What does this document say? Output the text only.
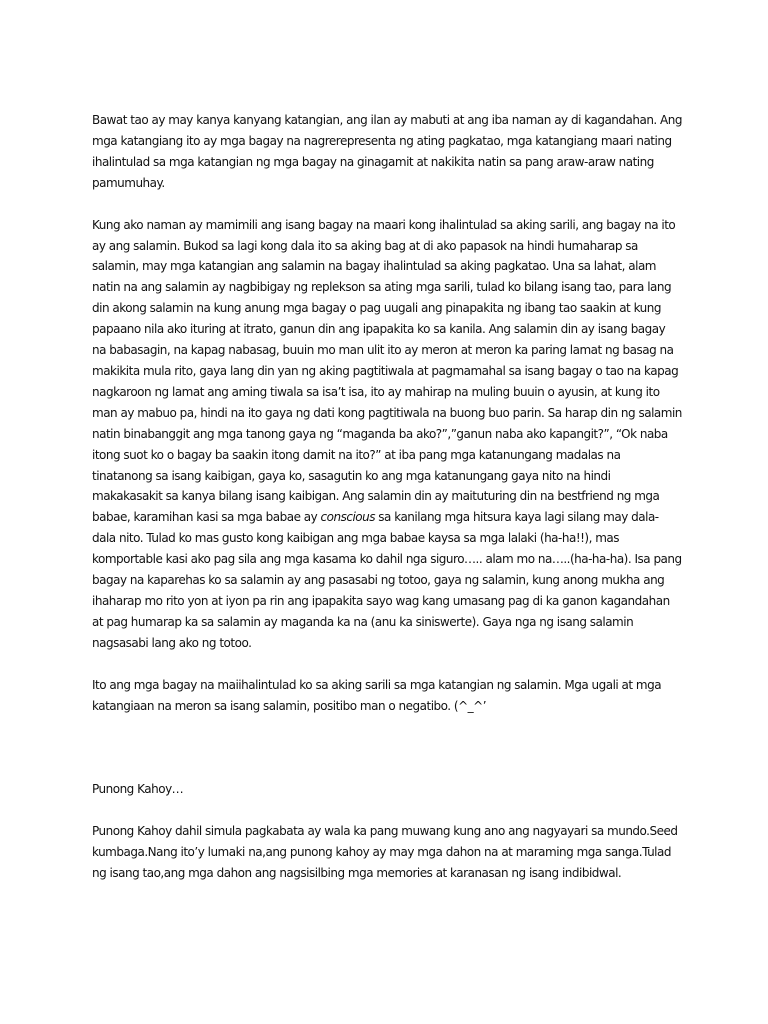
Bawat tao ay may kanya kanyang katangian, ang ilan ay mabuti at ang iba naman ay di kagandahan. Ang mga katangiang ito ay mga bagay na nagrerepresenta ng ating pagkatao, mga katangiang maari nating ihalintulad sa mga katangian ng mga bagay na ginagamit at nakikita natin sa pang araw-araw nating pamumuhay.

Kung ako naman ay mamimili ang isang bagay na maari kong ihalintulad sa aking sarili, ang bagay na ito ay ang salamin. Bukod sa lagi kong dala ito sa aking bag at di ako papasok na hindi humaharap sa salamin, may mga katangian ang salamin na bagay ihalintulad sa aking pagkatao. Una sa lahat, alam natin na ang salamin ay nagbibigay ng replekson sa ating mga sarili, tulad ko bilang isang tao, para lang din akong salamin na kung anung mga bagay o pag uugali ang pinapakita ng ibang tao saakin at kung papaano nila ako ituring at itrato, ganun din ang ipapakita ko sa kanila. Ang salamin din ay isang bagay na babasagin, na kapag nabasag, buuin mo man ulit ito ay meron at meron ka paring lamat ng basag na makikita mula rito, gaya lang din yan ng aking pagtitiwala at pagmamahal sa isang bagay o tao na kapag nagkaroon ng lamat ang aming tiwala sa isa’t isa, ito ay mahirap na muling buuin o ayusin, at kung ito man ay mabuo pa, hindi na ito gaya ng dati kong pagtitiwala na buong buo parin. Sa harap din ng salamin natin binabanggit ang mga tanong gaya ng “maganda ba ako?”,”ganun naba ako kapangit?”, “Ok naba itong suot ko o bagay ba saakin itong damit na ito?” at iba pang mga katanungang madalas na tinatanong sa isang kaibigan, gaya ko, sasagutin ko ang mga katanungang gaya nito na hindi makakasakit sa kanya bilang isang kaibigan. Ang salamin din ay maituturing din na bestfriend ng mga babae, karamihan kasi sa mga babae ay conscious sa kanilang mga hitsura kaya lagi silang may dala-dala nito. Tulad ko mas gusto kong kaibigan ang mga babae kaysa sa mga lalaki (ha-ha!!), mas komportable kasi ako pag sila ang mga kasama ko dahil nga siguro….. alam mo na…..(ha-ha-ha). Isa pang bagay na kaparehas ko sa salamin ay ang pasasabi ng totoo, gaya ng salamin, kung anong mukha ang ihaharap mo rito yon at iyon pa rin ang ipapakita sayo wag kang umasang pag di ka ganon kagandahan at pag humarap ka sa salamin ay maganda ka na (anu ka siniswerte). Gaya nga ng isang salamin nagsasabi lang ako ng totoo.

Ito ang mga bagay na maiihalintulad ko sa aking sarili sa mga katangian ng salamin. Mga ugali at mga katangiaan na meron sa isang salamin, positibo man o negatibo. (^_^’

Punong Kahoy…

Punong Kahoy dahil simula pagkabata ay wala ka pang muwang kung ano ang nagyayari sa mundo.Seed kumbaga.Nang ito’y lumaki na,ang punong kahoy ay may mga dahon na at maraming mga sanga.Tulad ng isang tao,ang mga dahon ang nagsisilbing mga memories at karanasan ng isang indibidwal.
